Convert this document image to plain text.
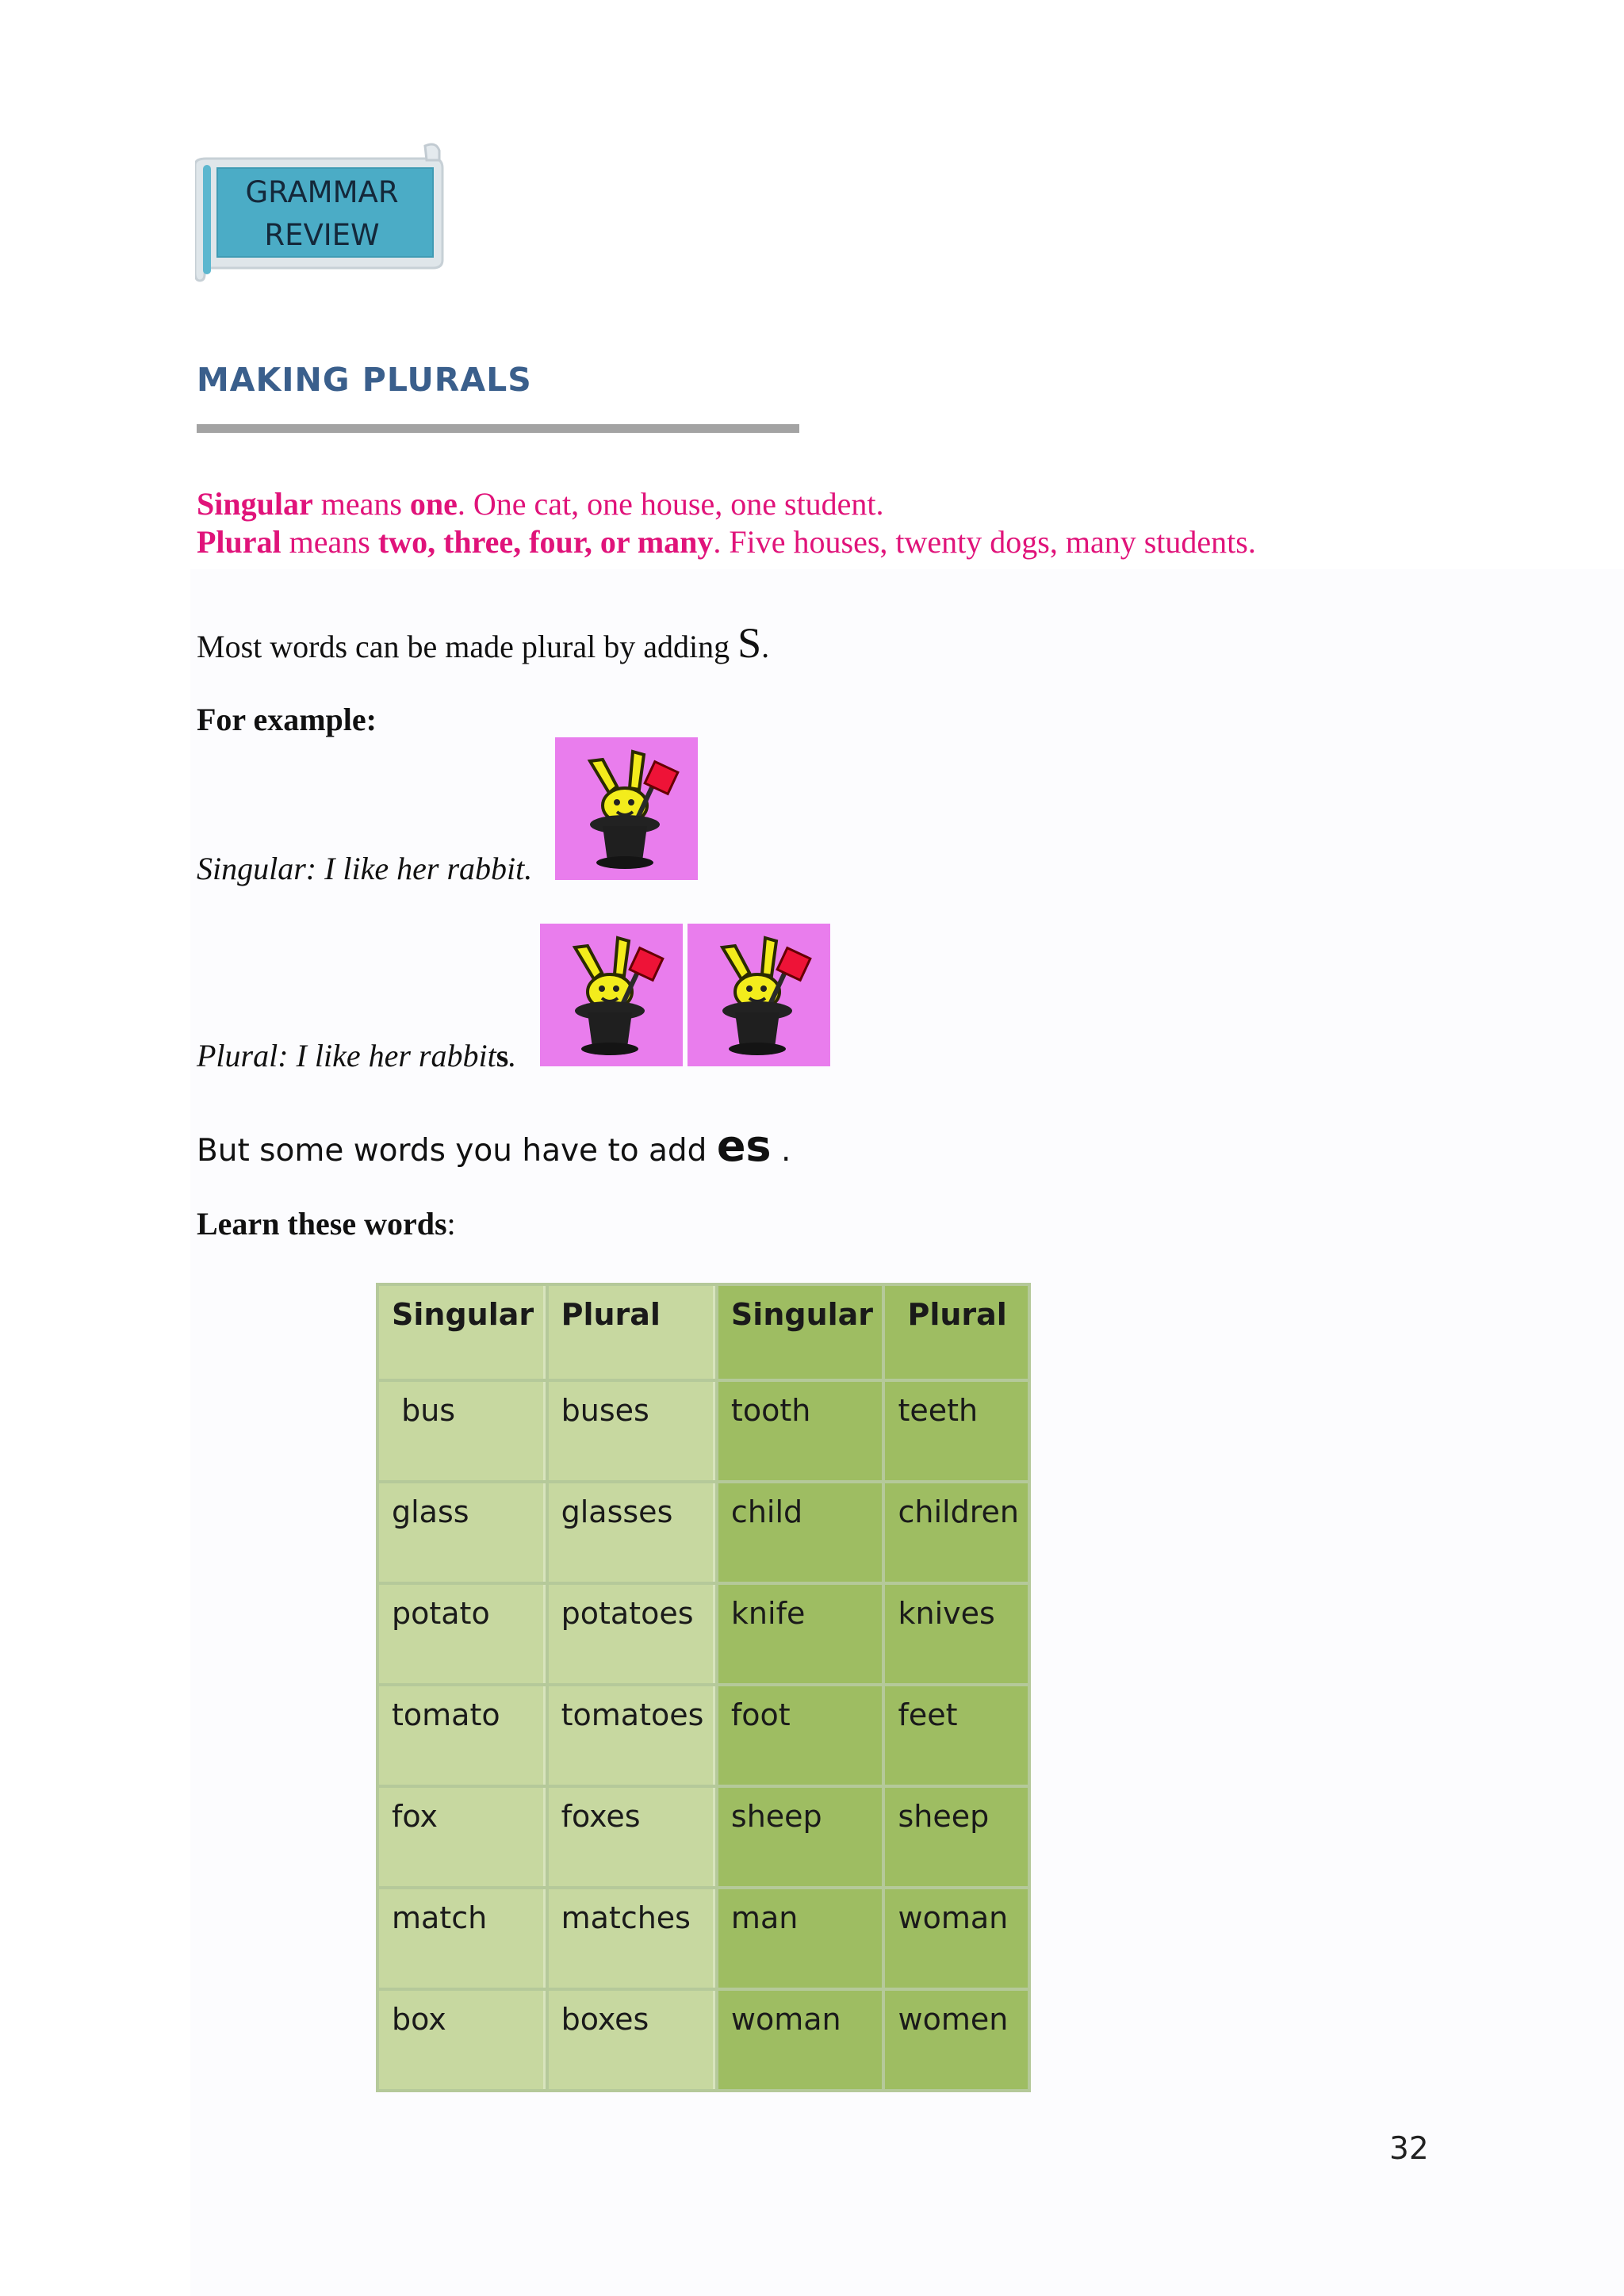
GRAMMAR
REVIEW
MAKING PLURALS
Singular means one. One cat, one house, one student.
Plural means two, three, four, or many. Five houses, twenty dogs, many students.
Most words can be made plural by adding S.
For example:
Singular: I like her rabbit.
Plural: I like her rabbits.
But some words you have to add es .
Learn these words:
Singular	Plural	Singular	Plural
bus	buses	tooth	teeth
glass	glasses	child	children
potato	potatoes	knife	knives
tomato	tomatoes	foot	feet
fox	foxes	sheep	sheep
match	matches	man	woman
box	boxes	woman	women
32
